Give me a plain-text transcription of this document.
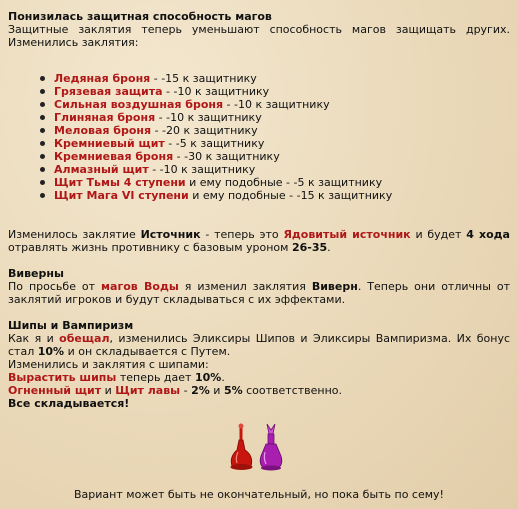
Понизилась защитная способность магов

Защитные заклятия теперь уменьшают способность магов защищать других. Изменились заклятия:

Ледяная броня - -15 к защитнику
Грязевая защита - -10 к защитнику
Сильная воздушная броня - -10 к защитнику
Глиняная броня - -10 к защитнику
Меловая броня - -20 к защитнику
Кремниевый щит - -5 к защитнику
Кремниевая броня - -30 к защитнику
Алмазный щит - -10 к защитнику
Щит Тьмы 4 ступени и ему подобные - -5 к защитнику
Щит Мага VI ступени и ему подобные - -15 к защитнику

Изменилось заклятие Источник - теперь это Ядовитый источник и будет 4 хода отравлять жизнь противнику с базовым уроном 26-35.

Виверны

По просьбе от магов Воды я изменил заклятия Виверн. Теперь они отличны от заклятий игроков и будут складываться с их эффектами.

Шипы и Вампиризм

Как я и обещал, изменились Эликсиры Шипов и Эликсиры Вампиризма. Их бонус стал 10% и он складывается с Путем.

Изменились и заклятия с шипами:

Вырастить шипы теперь дает 10%.

Огненный щит и Щит лавы - 2% и 5% соответственно.

Все складывается!

Вариант может быть не окончательный, но пока быть по сему!
